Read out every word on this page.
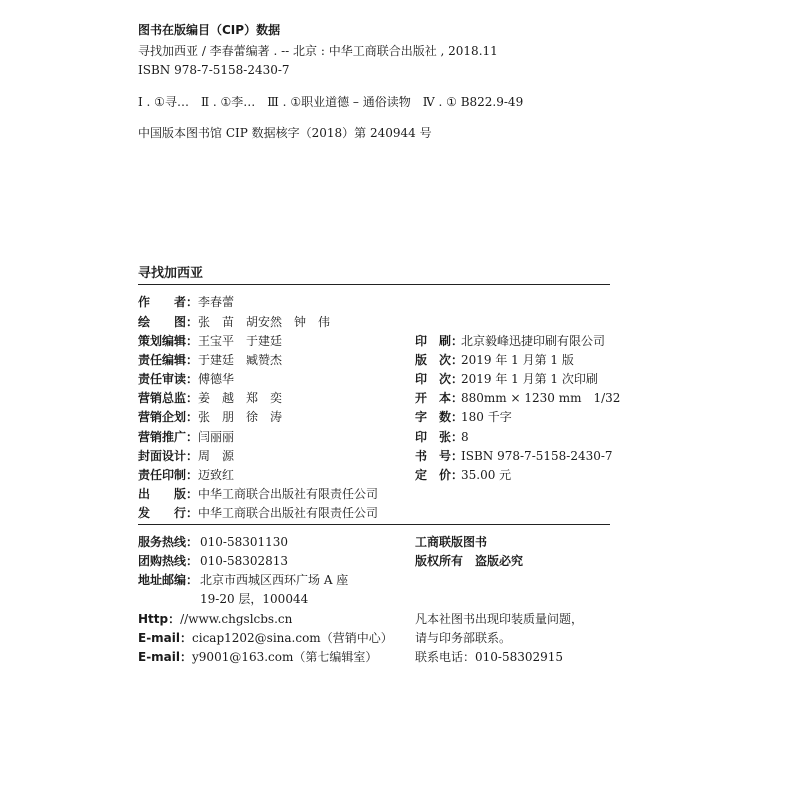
图书在版编目（CIP）数据
寻找加西亚 / 李春蕾编著 . -- 北京 : 中华工商联合出版社 , 2018.11
ISBN 978-7-5158-2430-7
Ⅰ . ①寻…　Ⅱ . ①李…　Ⅲ . ①职业道德 – 通俗读物　Ⅳ . ① B822.9-49
中国版本图书馆 CIP 数据核字（2018）第 240944 号
寻找加西亚
作　　者：李春蕾
绘　　图：张　苗　胡安然　钟　伟
策划编辑：王宝平　于建廷
责任编辑：于建廷　臧赞杰
责任审读：傅德华
营销总监：姜　越　郑　奕
营销企划：张　朋　徐　涛
营销推广：闫丽丽
封面设计：周　源
责任印制：迈致红
出　　版：中华工商联合出版社有限责任公司
发　　行：中华工商联合出版社有限责任公司
印　刷：北京毅峰迅捷印刷有限公司
版　次：2019 年 1 月第 1 版
印　次：2019 年 1 月第 1 次印刷
开　本：880mm × 1230 mm　1/32
字　数：180 千字
印　张：8
书　号：ISBN 978-7-5158-2430-7
定　价：35.00 元
服务热线： 010-58301130
团购热线： 010-58302813
地址邮编： 北京市西城区西环广场 A 座
19-20 层，100044
Http：//www.chgslcbs.cn
E-mail：cicap1202@sina.com（营销中心）
E-mail：y9001@163.com（第七编辑室）
工商联版图书
版权所有　盗版必究
凡本社图书出现印装质量问题，
请与印务部联系。
联系电话：010-58302915
